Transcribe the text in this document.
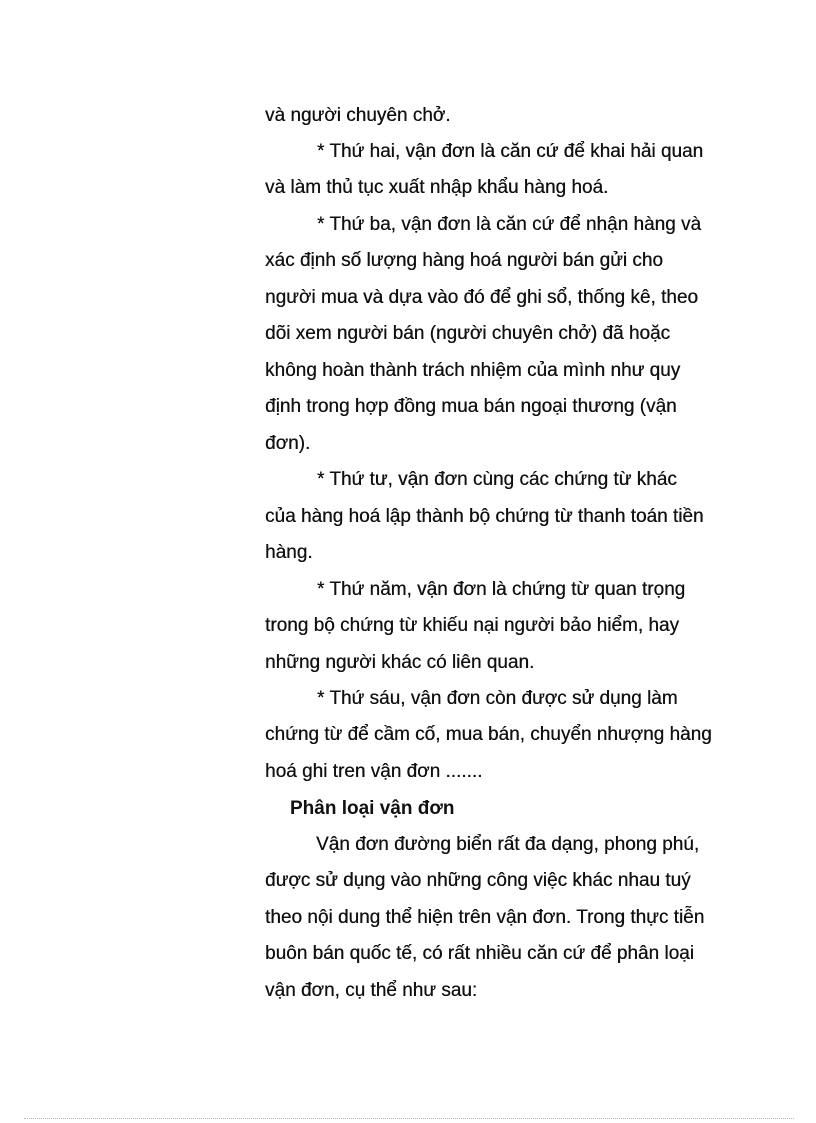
và người chuyên chở.
* Thứ hai, vận đơn là căn cứ để khai hải quan
và làm thủ tục xuất nhập khẩu hàng hoá.
* Thứ ba, vận đơn là căn cứ để nhận hàng và
xác định số lượng hàng hoá người bán gửi cho
người mua và dựa vào đó để ghi sổ, thống kê, theo
dõi xem người bán (người chuyên chở) đã hoặc
không hoàn thành trách nhiệm của mình như quy
định trong hợp đồng mua bán ngoại thương (vận
đơn).
* Thứ tư, vận đơn cùng các chứng từ khác
của hàng hoá lập thành bộ chứng từ thanh toán tiền
hàng.
* Thứ năm, vận đơn là chứng từ quan trọng
trong bộ chứng từ khiếu nại người bảo hiểm, hay
những người khác có liên quan.
* Thứ sáu, vận đơn còn được sử dụng làm
chứng từ để cầm cố, mua bán, chuyển nhượng hàng
hoá ghi tren vận đơn .......
Phân loại vận đơn
Vận đơn đường biển rất đa dạng, phong phú,
được sử dụng vào những công việc khác nhau tuý
theo nội dung thể hiện trên vận đơn. Trong thực tiễn
buôn bán quốc tế, có rất nhiều căn cứ để phân loại
vận đơn, cụ thể như sau:
